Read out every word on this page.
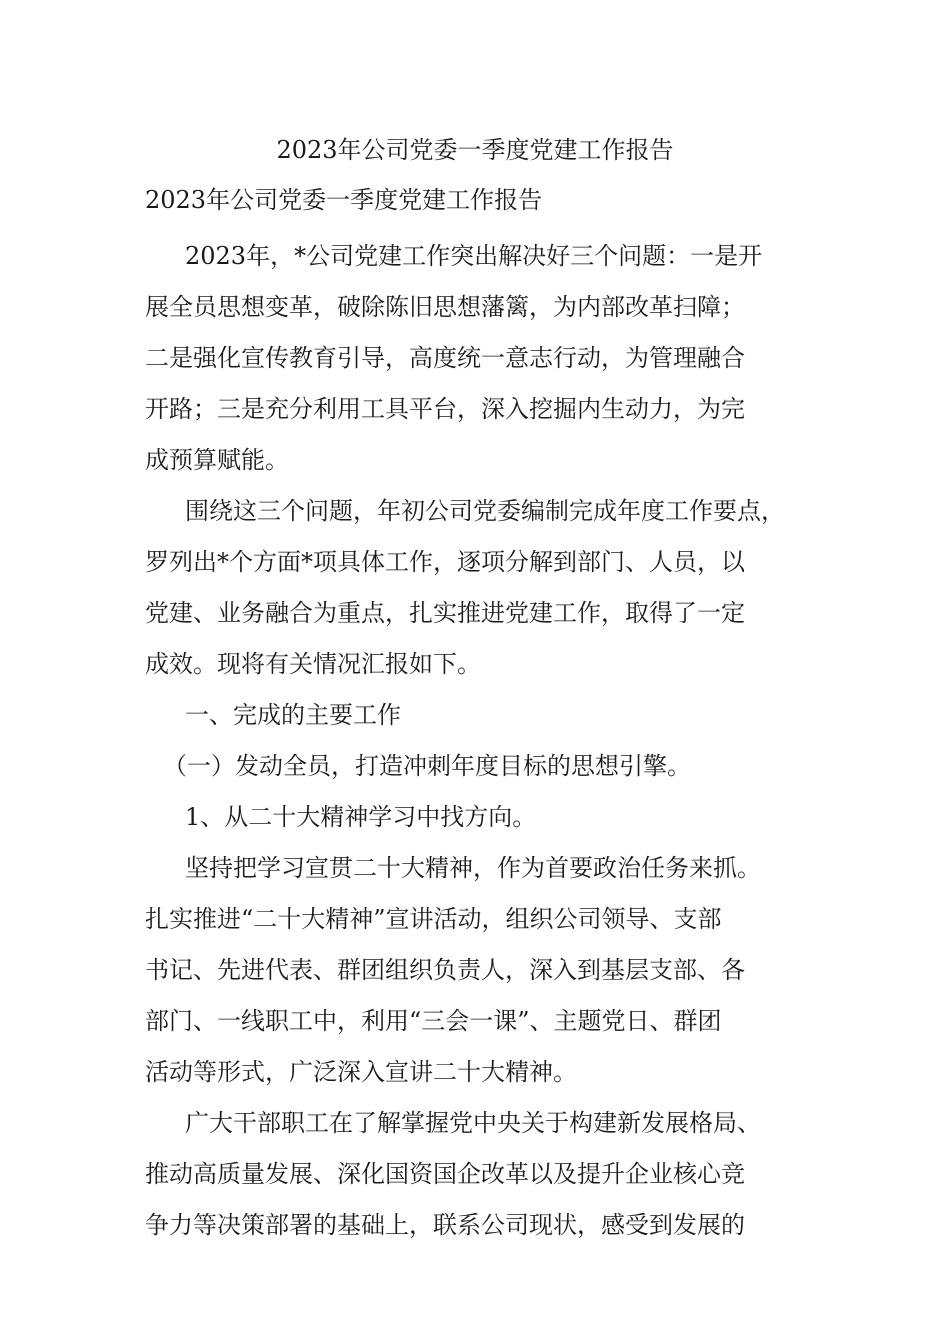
2023年公司党委一季度党建工作报告

2023年公司党委一季度党建工作报告

2023年，*公司党建工作突出解决好三个问题：一是开
展全员思想变革，破除陈旧思想藩篱，为内部改革扫障；
二是强化宣传教育引导，高度统一意志行动，为管理融合
开路；三是充分利用工具平台，深入挖掘内生动力，为完
成预算赋能。

围绕这三个问题，年初公司党委编制完成年度工作要点，
罗列出*个方面*项具体工作，逐项分解到部门、人员，以
党建、业务融合为重点，扎实推进党建工作，取得了一定
成效。现将有关情况汇报如下。

一、完成的主要工作

（一）发动全员，打造冲刺年度目标的思想引擎。

1、从二十大精神学习中找方向。

坚持把学习宣贯二十大精神，作为首要政治任务来抓。
扎实推进“二十大精神”宣讲活动，组织公司领导、支部
书记、先进代表、群团组织负责人，深入到基层支部、各
部门、一线职工中，利用“三会一课”、主题党日、群团
活动等形式，广泛深入宣讲二十大精神。

广大干部职工在了解掌握党中央关于构建新发展格局、
推动高质量发展、深化国资国企改革以及提升企业核心竞
争力等决策部署的基础上，联系公司现状，感受到发展的
